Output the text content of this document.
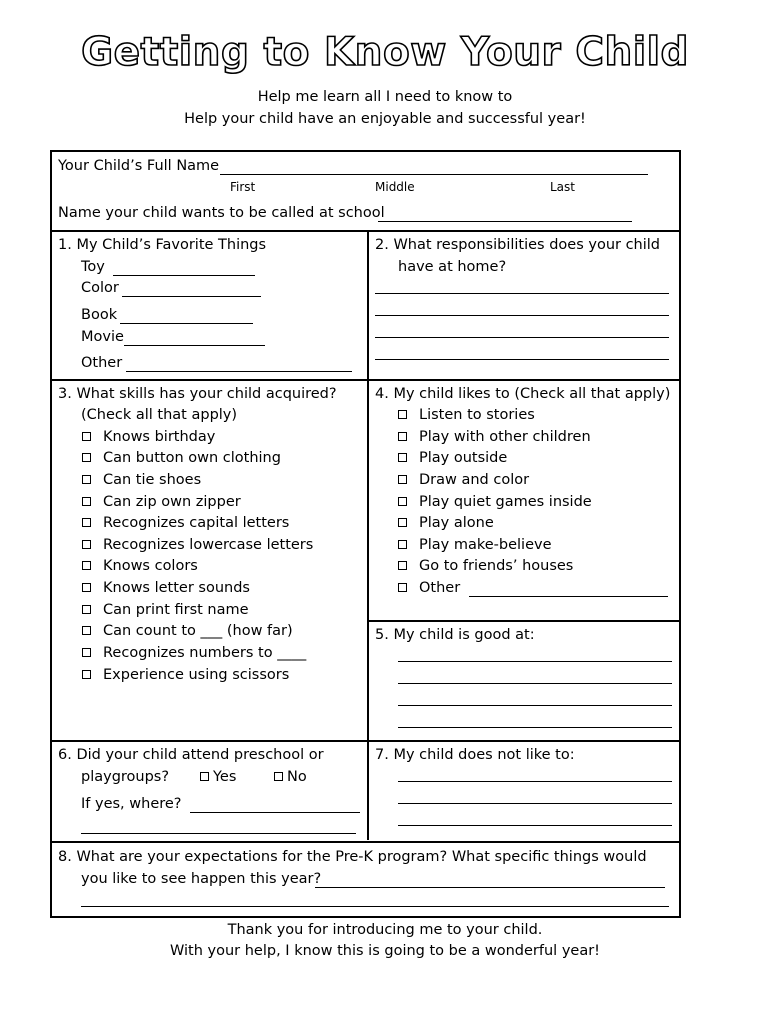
Getting to Know Your Child
Help me learn all I need to know to
Help your child have an enjoyable and successful year!
Your Child’s Full Name
First	Middle	Last
Name your child wants to be called at school
1. My Child’s Favorite Things
Toy
Color
Book
Movie
Other
2. What responsibilities does your child
have at home?
3. What skills has your child acquired?
(Check all that apply)
Knows birthday
Can button own clothing
Can tie shoes
Can zip own zipper
Recognizes capital letters
Recognizes lowercase letters
Knows colors
Knows letter sounds
Can print first name
Can count to ___ (how far)
Recognizes numbers to ____
Experience using scissors
4. My child likes to (Check all that apply)
Listen to stories
Play with other children
Play outside
Draw and color
Play quiet games inside
Play alone
Play make-believe
Go to friends’ houses
Other
5. My child is good at:
6. Did your child attend preschool or
playgroups?	Yes	No
If yes, where?
7. My child does not like to:
8. What are your expectations for the Pre-K program? What specific things would
you like to see happen this year?
Thank you for introducing me to your child.
With your help, I know this is going to be a wonderful year!
